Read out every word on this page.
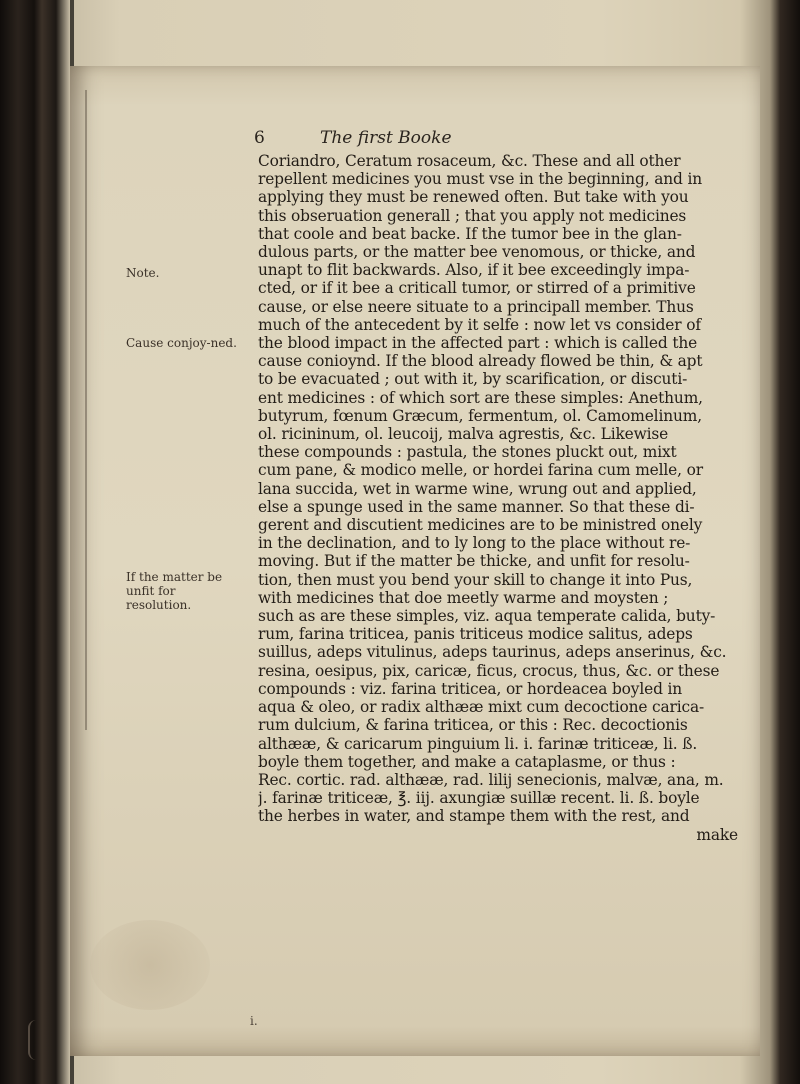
6	The first Booke
Note.
Cause conjoy-ned.
If the matter be unfit for resolution.
Coriandro, Ceratum rosaceum, &c. These and all other
repellent medicines you must vse in the beginning, and in
applying they must be renewed often. But take with you
this obseruation generall ; that you apply not medicines
that coole and beat backe. If the tumor bee in the glan-
dulous parts, or the matter bee venomous, or thicke, and
unapt to flit backwards. Also, if it bee exceedingly impa-
cted, or if it bee a criticall tumor, or stirred of a primitive
cause, or else neere situate to a principall member. Thus
much of the antecedent by it selfe : now let vs consider of
the blood impact in the affected part : which is called the
cause conioynd. If the blood already flowed be thin, & apt
to be evacuated ; out with it, by scarification, or discuti-
ent medicines : of which sort are these simples: Anethum,
butyrum, fœnum Græcum, fermentum, ol. Camomelinum,
ol. ricininum, ol. leucoij, malva agrestis, &c. Likewise
these compounds : pastula, the stones pluckt out, mixt
cum pane, & modico melle, or hordei farina cum melle, or
lana succida, wet in warme wine, wrung out and applied,
else a spunge used in the same manner. So that these di-
gerent and discutient medicines are to be ministred onely
in the declination, and to ly long to the place without re-
moving. But if the matter be thicke, and unfit for resolu-
tion, then must you bend your skill to change it into Pus,
with medicines that doe meetly warme and moysten ;
such as are these simples, viz. aqua temperate calida, buty-
rum, farina triticea, panis triticeus modice salitus, adeps
suillus, adeps vitulinus, adeps taurinus, adeps anserinus, &c.
resina, oesipus, pix, caricæ, ficus, crocus, thus, &c. or these
compounds : viz. farina triticea, or hordeacea boyled in
aqua & oleo, or radix althææ mixt cum decoctione carica-
rum dulcium, & farina triticea, or this : Rec. decoctionis
althææ, & caricarum pinguium li. i. farinæ triticeæ, li. ß.
boyle them together, and make a cataplasme, or thus :
Rec. cortic. rad. althææ, rad. lilij senecionis, malvæ, ana, m.
j. farinæ triticeæ, ℥. iij. axungiæ suillæ recent. li. ß. boyle
the herbes in water, and stampe them with the rest, and
make
i.
